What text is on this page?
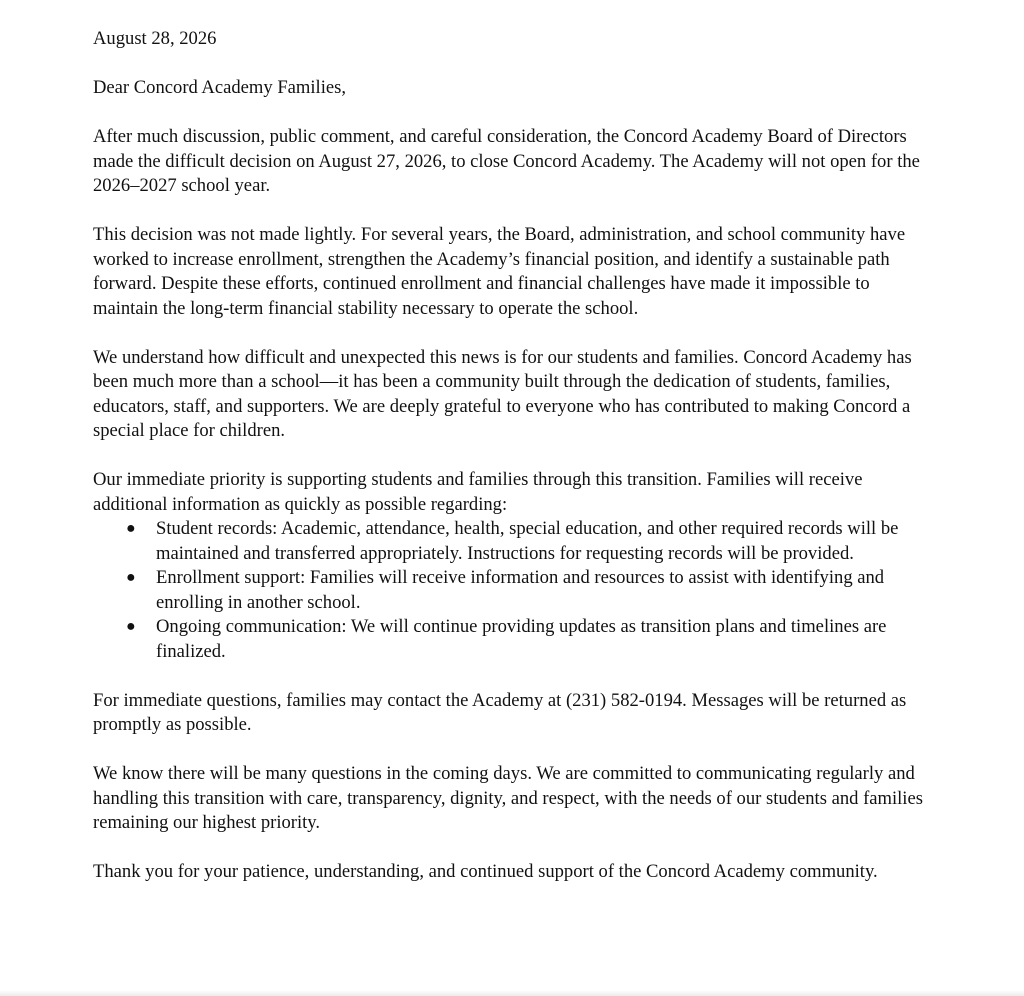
August 28, 2026
Dear Concord Academy Families,

After much discussion, public comment, and careful consideration, the Concord Academy Board of Directors made the difficult decision on August 27, 2026, to close Concord Academy. The Academy will not open for the 2026–2027 school year.

This decision was not made lightly. For several years, the Board, administration, and school community have worked to increase enrollment, strengthen the Academy’s financial position, and identify a sustainable path forward. Despite these efforts, continued enrollment and financial challenges have made it impossible to maintain the long-term financial stability necessary to operate the school.

We understand how difficult and unexpected this news is for our students and families. Concord Academy has been much more than a school—it has been a community built through the dedication of students, families, educators, staff, and supporters. We are deeply grateful to everyone who has contributed to making Concord a special place for children.

Our immediate priority is supporting students and families through this transition. Families will receive additional information as quickly as possible regarding:

● Student records: Academic, attendance, health, special education, and other required records will be maintained and transferred appropriately. Instructions for requesting records will be provided.
● Enrollment support: Families will receive information and resources to assist with identifying and enrolling in another school.
● Ongoing communication: We will continue providing updates as transition plans and timelines are finalized.

For immediate questions, families may contact the Academy at (231) 582-0194. Messages will be returned as promptly as possible.

We know there will be many questions in the coming days. We are committed to communicating regularly and handling this transition with care, transparency, dignity, and respect, with the needs of our students and families remaining our highest priority.

Thank you for your patience, understanding, and continued support of the Concord Academy community.
